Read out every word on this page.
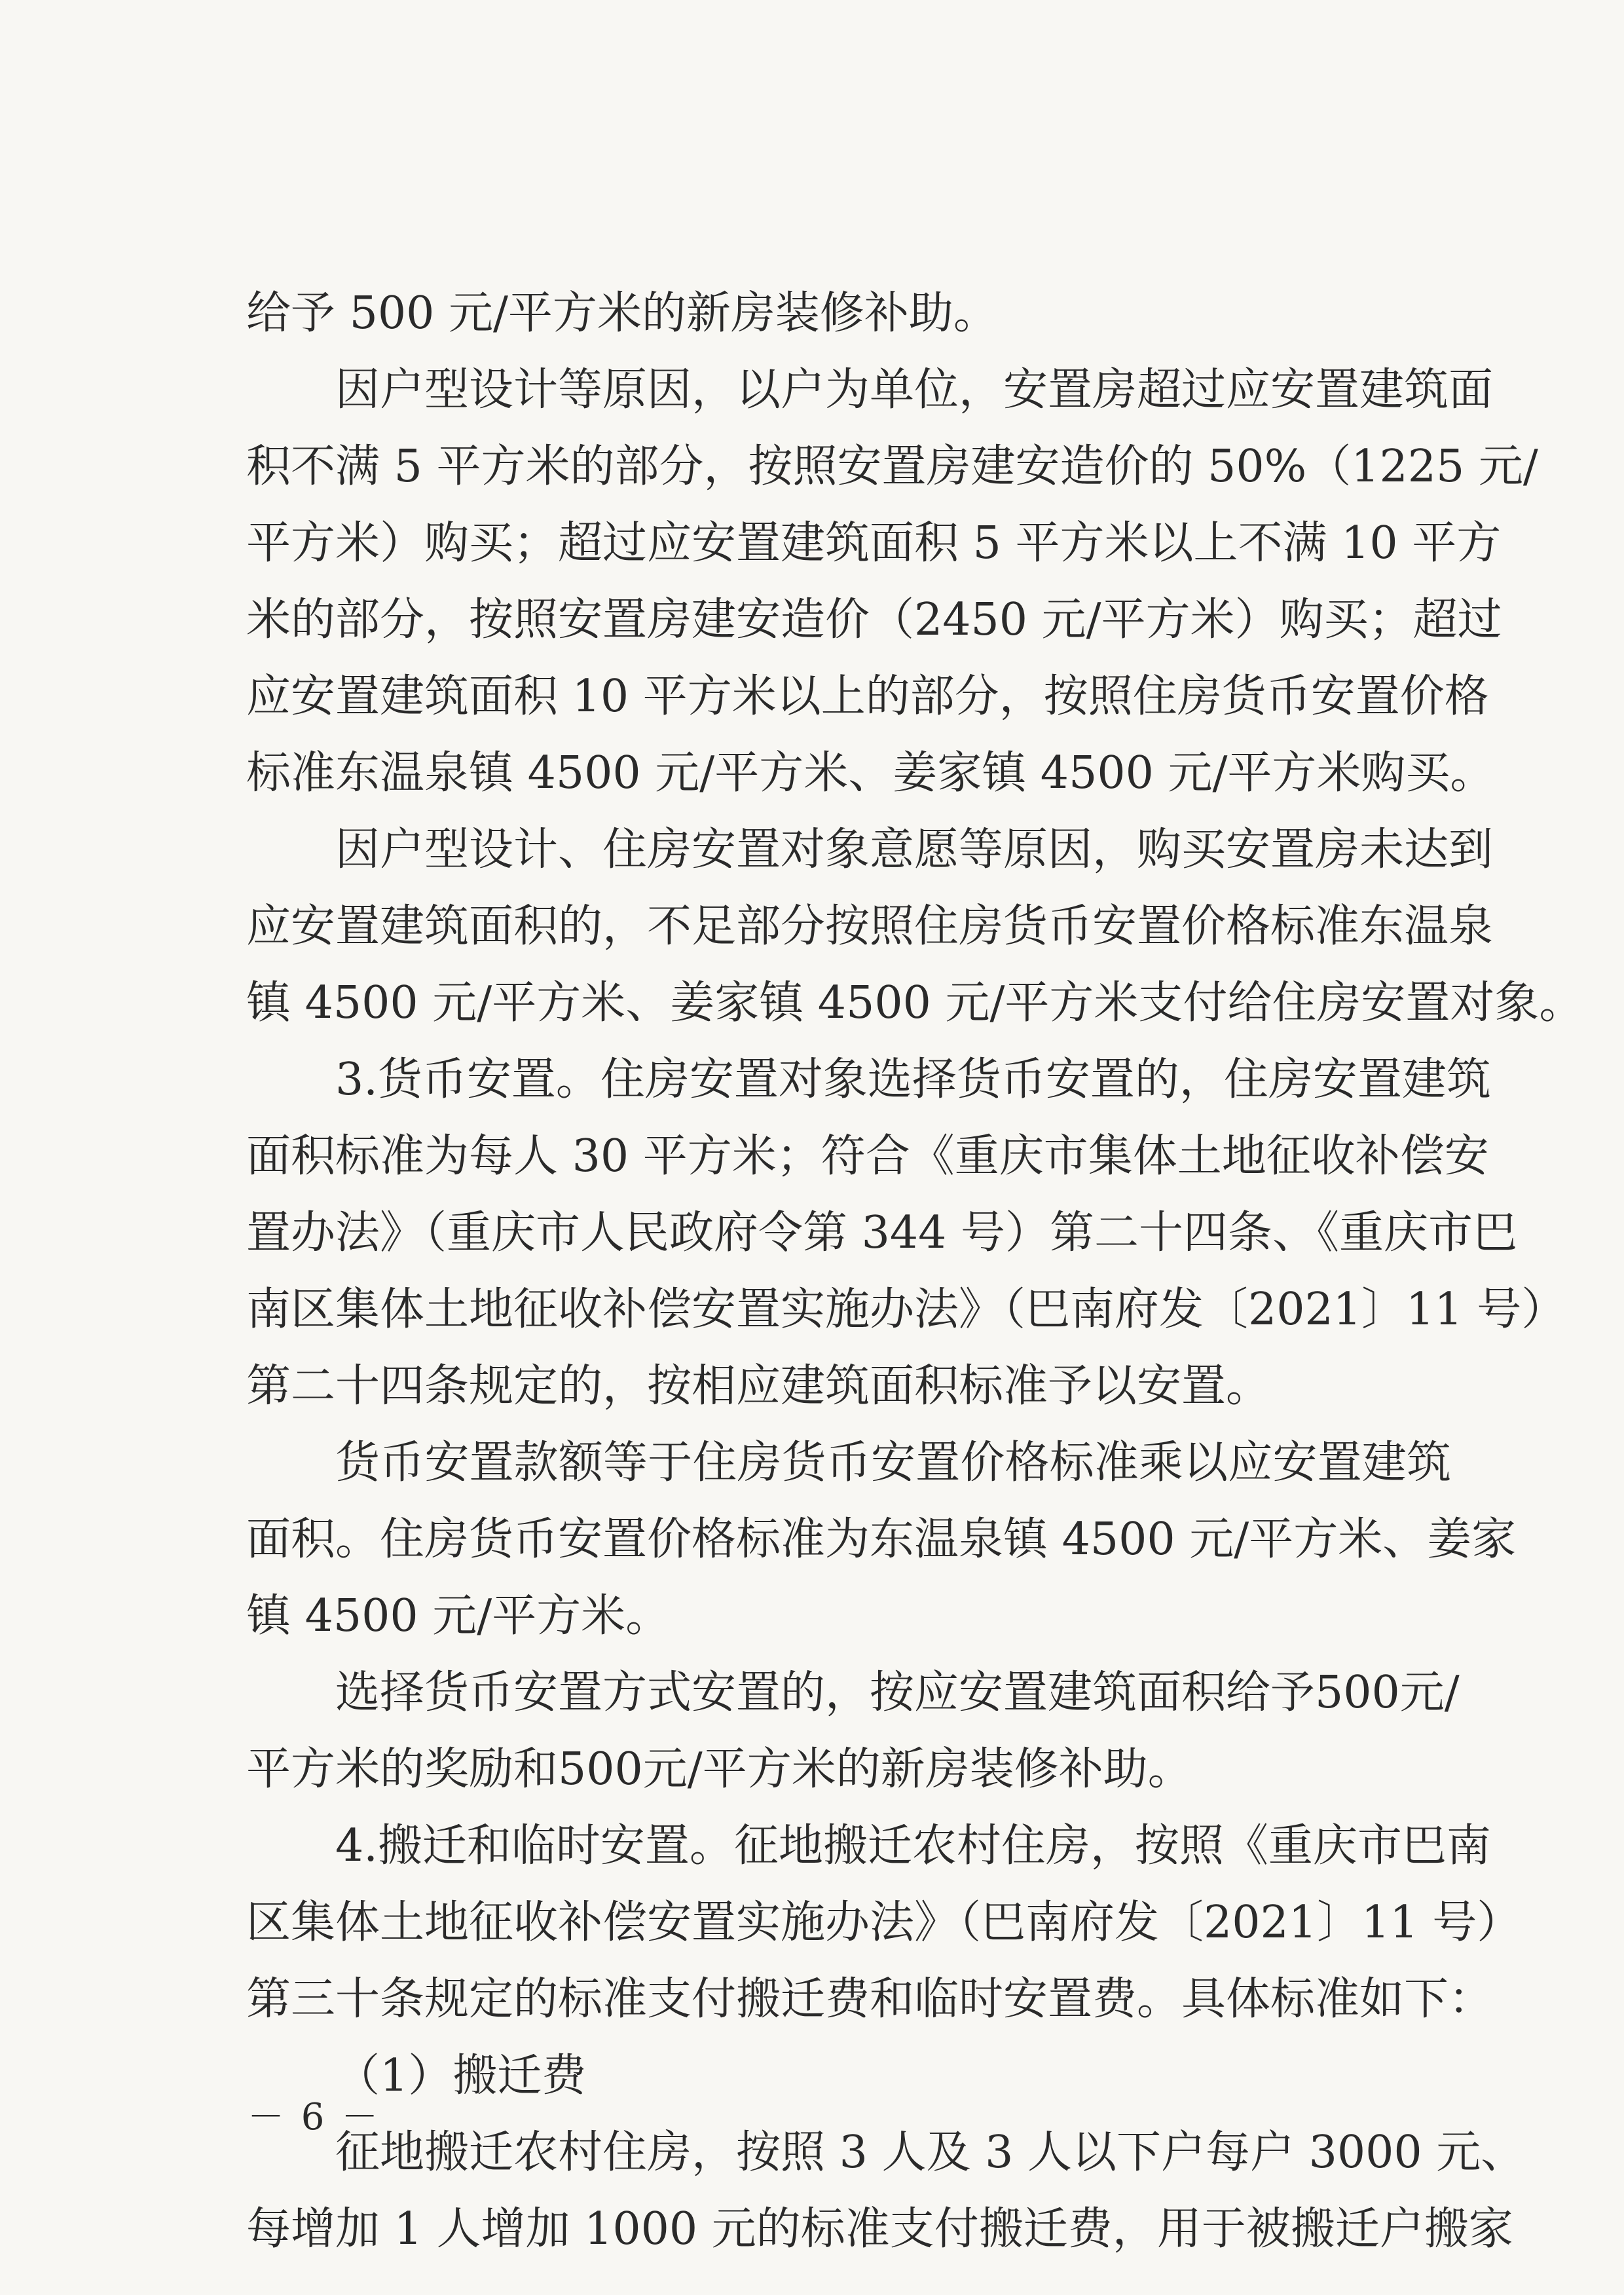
给予 500 元/平方米的新房装修补助。
因户型设计等原因，以户为单位，安置房超过应安置建筑面
积不满 5 平方米的部分，按照安置房建安造价的 50%（1225 元/
平方米）购买；超过应安置建筑面积 5 平方米以上不满 10 平方
米的部分，按照安置房建安造价（2450 元/平方米）购买；超过
应安置建筑面积 10 平方米以上的部分，按照住房货币安置价格
标准东温泉镇 4500 元/平方米、姜家镇 4500 元/平方米购买。
因户型设计、住房安置对象意愿等原因，购买安置房未达到
应安置建筑面积的，不足部分按照住房货币安置价格标准东温泉
镇 4500 元/平方米、姜家镇 4500 元/平方米支付给住房安置对象。
3.货币安置。住房安置对象选择货币安置的，住房安置建筑
面积标准为每人 30 平方米；符合《重庆市集体土地征收补偿安
置办法》（重庆市人民政府令第 344 号）第二十四条、《重庆市巴
南区集体土地征收补偿安置实施办法》（巴南府发〔2021〕11 号）
第二十四条规定的，按相应建筑面积标准予以安置。
货币安置款额等于住房货币安置价格标准乘以应安置建筑
面积。住房货币安置价格标准为东温泉镇 4500 元/平方米、姜家
镇 4500 元/平方米。
选择货币安置方式安置的，按应安置建筑面积给予500元/
平方米的奖励和500元/平方米的新房装修补助。
4.搬迁和临时安置。征地搬迁农村住房，按照《重庆市巴南
区集体土地征收补偿安置实施办法》（巴南府发〔2021〕11 号）
第三十条规定的标准支付搬迁费和临时安置费。具体标准如下：
（1）搬迁费
征地搬迁农村住房，按照 3 人及 3 人以下户每户 3000 元、
每增加 1 人增加 1000 元的标准支付搬迁费，用于被搬迁户搬家
－ 6 －
